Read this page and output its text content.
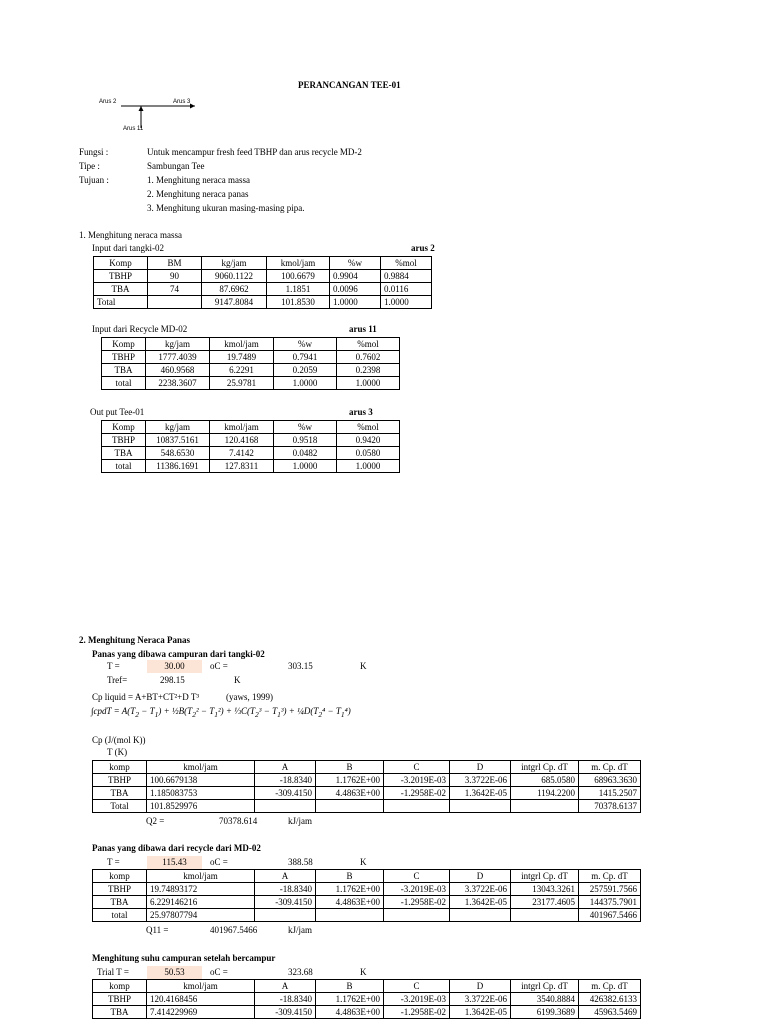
PERANCANGAN TEE-01
Arus 2	Arus 3
Arus 11
Fungsi :	Untuk mencampur fresh feed TBHP dan arus recycle MD-2
Tipe :	Sambungan Tee
Tujuan :	1. Menghitung neraca massa
2. Menghitung neraca panas
3. Menghitung ukuran masing-masing pipa.
1. Menghitung neraca massa
Input dari tangki-02	arus 2
Komp	BM	kg/jam	kmol/jam	%w	%mol
TBHP	90	9060.1122	100.6679	0.9904	0.9884
TBA	74	87.6962	1.1851	0.0096	0.0116
Total		9147.8084	101.8530	1.0000	1.0000
Input dari Recycle MD-02	arus 11
Komp	kg/jam	kmol/jam	%w	%mol
TBHP	1777.4039	19.7489	0.7941	0.7602
TBA	460.9568	6.2291	0.2059	0.2398
total	2238.3607	25.9781	1.0000	1.0000
Out put Tee-01	arus 3
Komp	kg/jam	kmol/jam	%w	%mol
TBHP	10837.5161	120.4168	0.9518	0.9420
TBA	548.6530	7.4142	0.0482	0.0580
total	11386.1691	127.8311	1.0000	1.0000
2. Menghitung Neraca Panas
Panas yang dibawa campuran dari tangki-02
T =	30.00	oC =	303.15	K
Tref=	298.15	K
Cp liquid = A+BT+CT²+D T³	(yaws, 1999)
∫cpdT = $A(T_2 - T_1)$ + $\frac{1}{2}B(T_2^2 - T_1^2)$ + $\frac{1}{3}C(T_2^3 - T_1^3)$ + $\frac{1}{4}D(T_2^4 - T_1^4)$
Cp (J/(mol K))
T (K)
komp	kmol/jam	A	B	C	D	intgrl Cp. dT	m. Cp. dT
TBHP	100.6679138	-18.8340	1.1762E+00	-3.2019E-03	3.3722E-06	685.0580	68963.3630
TBA	1.185083753	-309.4150	4.4863E+00	-1.2958E-02	1.3642E-05	1194.2200	1415.2507
Total	101.8529976						70378.6137
Q2 =	70378.614	kJ/jam
Panas yang dibawa dari recycle dari MD-02
T =	115.43	oC =	388.58	K
komp	kmol/jam	A	B	C	D	intgrl Cp. dT	m. Cp. dT
TBHP	19.74893172	-18.8340	1.1762E+00	-3.2019E-03	3.3722E-06	13043.3261	257591.7566
TBA	6.229146216	-309.4150	4.4863E+00	-1.2958E-02	1.3642E-05	23177.4605	144375.7901
total	25.97807794						401967.5466
Q11 =	401967.5466	kJ/jam
Menghitung suhu campuran setelah bercampur
Trial T =	50.53	oC =	323.68	K
komp	kmol/jam	A	B	C	D	intgrl Cp. dT	m. Cp. dT
TBHP	120.4168456	-18.8340	1.1762E+00	-3.2019E-03	3.3722E-06	3540.8884	426382.6133
TBA	7.414229969	-309.4150	4.4863E+00	-1.2958E-02	1.3642E-05	6199.3689	45963.5469
